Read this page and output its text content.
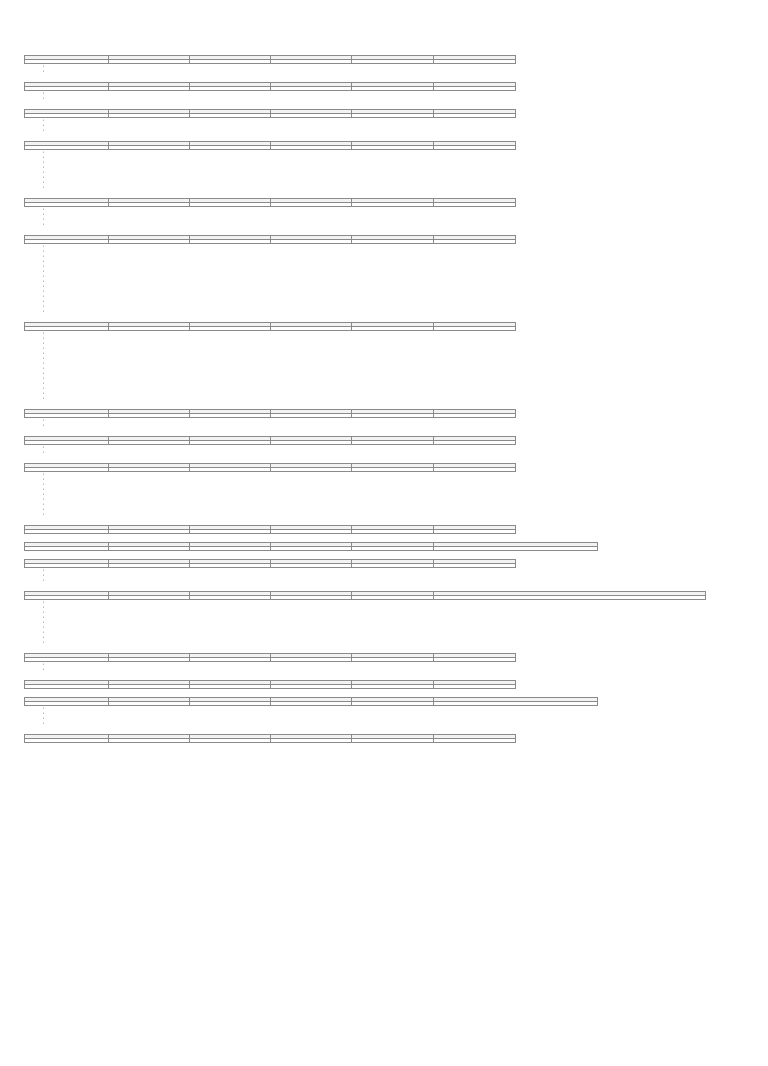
·
·

·
·

·
·
·

·
·
·
·
·
·
·
·

·
·
·
·

·
·
·
·
·
·
·
·
·
·
·
·
·
·

·
·
·
·
·
·
·
·
·
·
·
·
·
·

·
·

·
·

·
·
·
·
·
·
·
·
·

·
·
·

·
·
·
·
·
·
·
·
·

·
·

·
·
·
·
